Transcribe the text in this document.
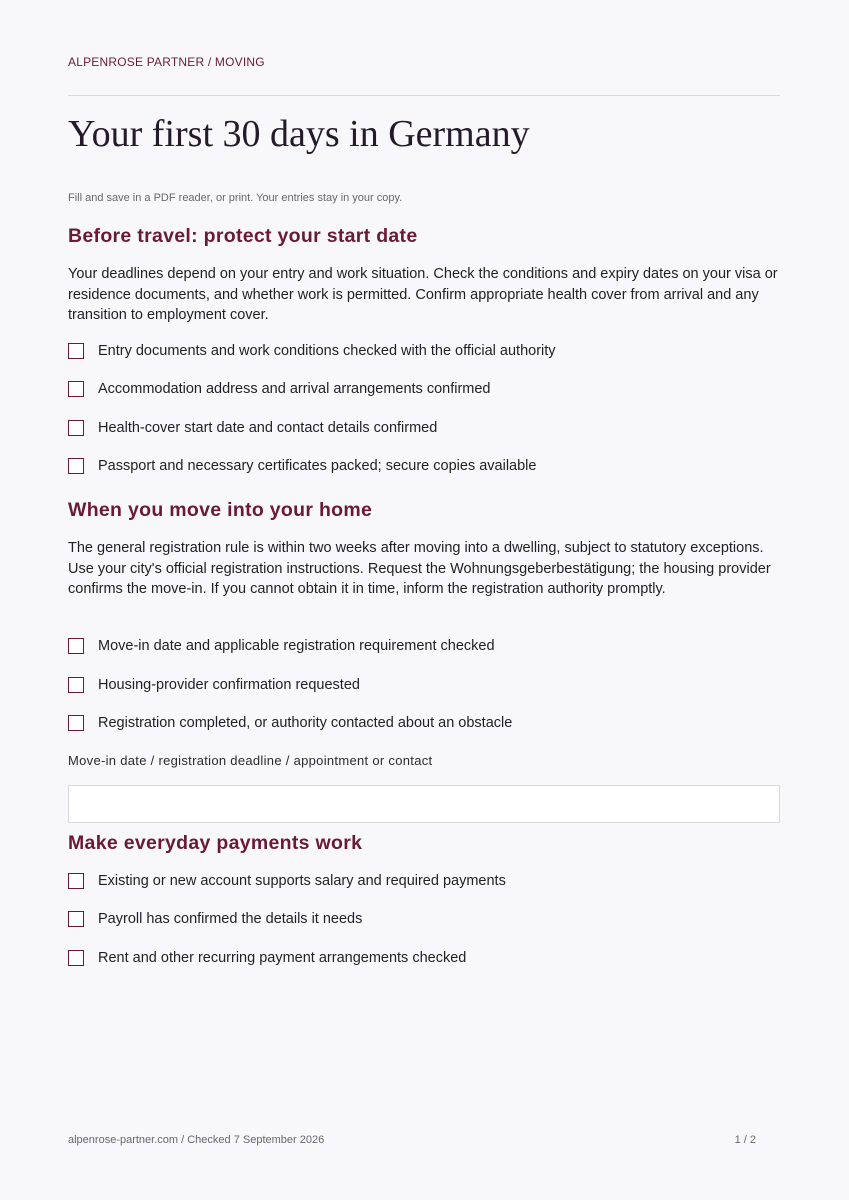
ALPENROSE PARTNER / MOVING
Your first 30 days in Germany
Fill and save in a PDF reader, or print. Your entries stay in your copy.
Before travel: protect your start date

Your deadlines depend on your entry and work situation. Check the conditions and expiry dates on your visa or residence documents, and whether work is permitted. Confirm appropriate health cover from arrival and any transition to employment cover.

Entry documents and work conditions checked with the official authority
Accommodation address and arrival arrangements confirmed
Health-cover start date and contact details confirmed
Passport and necessary certificates packed; secure copies available
When you move into your home

The general registration rule is within two weeks after moving into a dwelling, subject to statutory exceptions. Use your city's official registration instructions. Request the Wohnungsgeberbestätigung; the housing provider confirms the move-in. If you cannot obtain it in time, inform the registration authority promptly.

Move-in date and applicable registration requirement checked
Housing-provider confirmation requested
Registration completed, or authority contacted about an obstacle
Move-in date / registration deadline / appointment or contact
Make everyday payments work
Existing or new account supports salary and required payments
Payroll has confirmed the details it needs
Rent and other recurring payment arrangements checked
alpenrose-partner.com / Checked 7 September 2026	1 / 2
